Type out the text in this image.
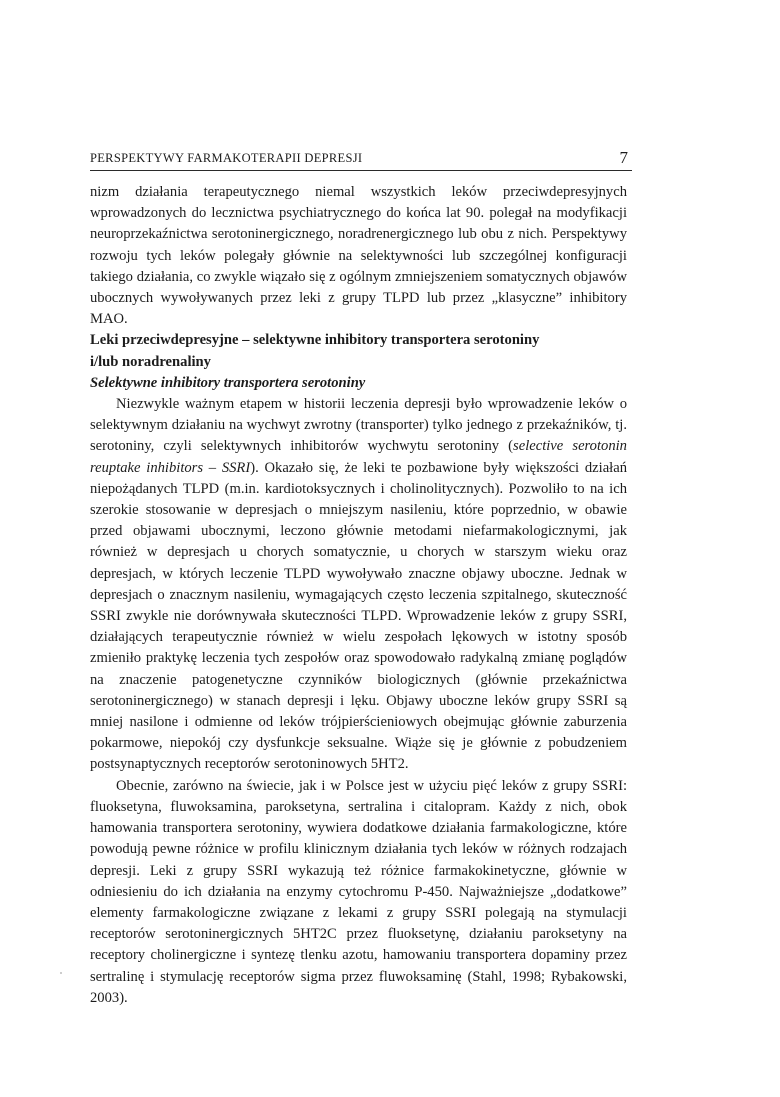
PERSPEKTYWY FARMAKOTERAPII DEPRESJI	7

nizm działania terapeutycznego niemal wszystkich leków przeciwdepresyjnych wprowadzonych do lecznictwa psychiatrycznego do końca lat 90. polegał na modyfikacji neuroprzekaźnictwa serotoninergicznego, noradrenergicznego lub obu z nich. Perspektywy rozwoju tych leków polegały głównie na selektywności lub szczególnej konfiguracji takiego działania, co zwykle wiązało się z ogólnym zmniejszeniem somatycznych objawów ubocznych wywoływanych przez leki z grupy TLPD lub przez „klasyczne” inhibitory MAO.

Leki przeciwdepresyjne – selektywne inhibitory transportera serotoniny i/lub noradrenaliny

Selektywne inhibitory transportera serotoniny

Niezwykle ważnym etapem w historii leczenia depresji było wprowadzenie leków o selektywnym działaniu na wychwyt zwrotny (transporter) tylko jednego z przekaźników, tj. serotoniny, czyli selektywnych inhibitorów wychwytu serotoniny (selective serotonin reuptake inhibitors – SSRI). Okazało się, że leki te pozbawione były większości działań niepożądanych TLPD (m.in. kardiotoksycznych i cholinolitycznych). Pozwoliło to na ich szerokie stosowanie w depresjach o mniejszym nasileniu, które poprzednio, w obawie przed objawami ubocznymi, leczono głównie metodami niefarmakologicznymi, jak również w depresjach u chorych somatycznie, u chorych w starszym wieku oraz depresjach, w których leczenie TLPD wywoływało znaczne objawy uboczne. Jednak w depresjach o znacznym nasileniu, wymagających często leczenia szpitalnego, skuteczność SSRI zwykle nie dorównywała skuteczności TLPD. Wprowadzenie leków z grupy SSRI, działających terapeutycznie również w wielu zespołach lękowych w istotny sposób zmieniło praktykę leczenia tych zespołów oraz spowodowało radykalną zmianę poglądów na znaczenie patogenetyczne czynników biologicznych (głównie przekaźnictwa serotoninergicznego) w stanach depresji i lęku. Objawy uboczne leków grupy SSRI są mniej nasilone i odmienne od leków trójpierścieniowych obejmując głównie zaburzenia pokarmowe, niepokój czy dysfunkcje seksualne. Wiąże się je głównie z pobudzeniem postsynaptycznych receptorów serotoninowych 5HT2.

Obecnie, zarówno na świecie, jak i w Polsce jest w użyciu pięć leków z grupy SSRI: fluoksetyna, fluwoksamina, paroksetyna, sertralina i citalopram. Każdy z nich, obok hamowania transportera serotoniny, wywiera dodatkowe działania farmakologiczne, które powodują pewne różnice w profilu klinicznym działania tych leków w różnych rodzajach depresji. Leki z grupy SSRI wykazują też różnice farmakokinetyczne, głównie w odniesieniu do ich działania na enzymy cytochromu P-450. Najważniejsze „dodatkowe” elementy farmakologiczne związane z lekami z grupy SSRI polegają na stymulacji receptorów serotoninergicznych 5HT2C przez fluoksetynę, działaniu paroksetyny na receptory cholinergiczne i syntezę tlenku azotu, hamowaniu transportera dopaminy przez sertralinę i stymulację receptorów sigma przez fluwoksaminę (Stahl, 1998; Rybakowski, 2003).
